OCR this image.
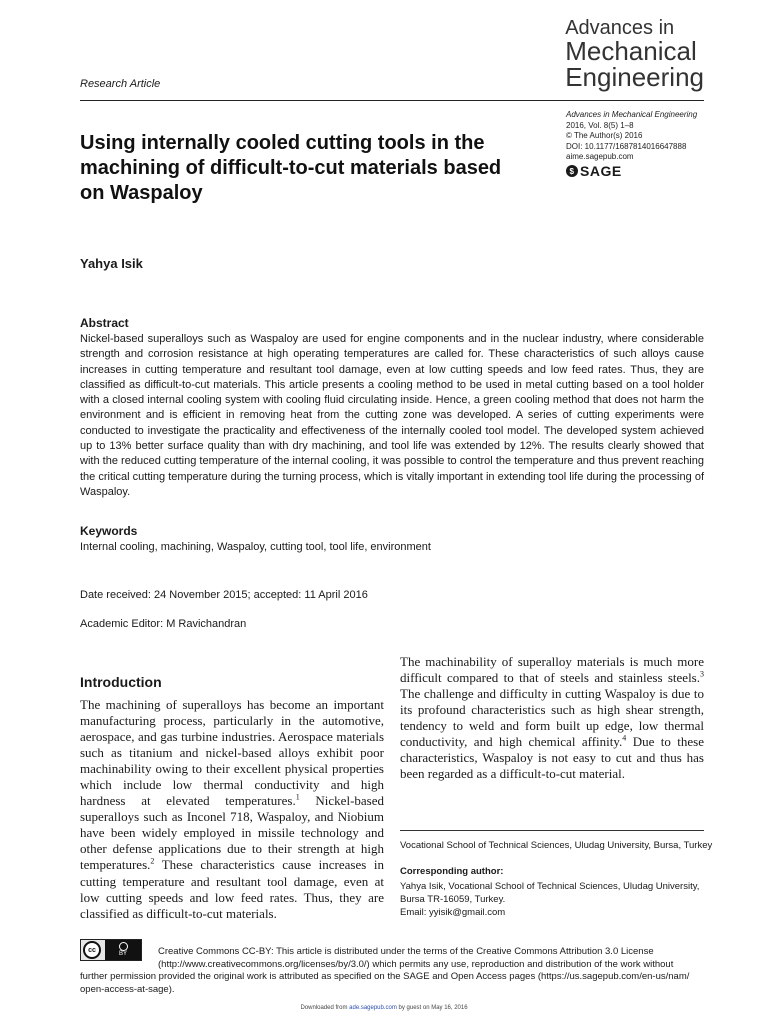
Advances in
Mechanical
Engineering
Research Article
Advances in Mechanical Engineering
2016, Vol. 8(5) 1–8
© The Author(s) 2016
DOI: 10.1177/1687814016647888
aime.sagepub.com
$ SAGE
Using internally cooled cutting tools in the machining of difficult-to-cut materials based on Waspaloy
Yahya Isik
Abstract
Nickel-based superalloys such as Waspaloy are used for engine components and in the nuclear industry, where considerable strength and corrosion resistance at high operating temperatures are called for. These characteristics of such alloys cause increases in cutting temperature and resultant tool damage, even at low cutting speeds and low feed rates. Thus, they are classified as difficult-to-cut materials. This article presents a cooling method to be used in metal cutting based on a tool holder with a closed internal cooling system with cooling fluid circulating inside. Hence, a green cooling method that does not harm the environment and is efficient in removing heat from the cutting zone was developed. A series of cutting experiments were conducted to investigate the practicality and effectiveness of the internally cooled tool model. The developed system achieved up to 13% better surface quality than with dry machining, and tool life was extended by 12%. The results clearly showed that with the reduced cutting temperature of the internal cooling, it was possible to control the temperature and thus prevent reaching the critical cutting temperature during the turning process, which is vitally important in extending tool life during the processing of Waspaloy.
Keywords
Internal cooling, machining, Waspaloy, cutting tool, tool life, environment
Date received: 24 November 2015; accepted: 11 April 2016
Academic Editor: M Ravichandran
Introduction
The machining of superalloys has become an important manufacturing process, particularly in the automotive, aerospace, and gas turbine industries. Aerospace materials such as titanium and nickel-based alloys exhibit poor machinability owing to their excellent physical properties which include low thermal conductivity and high hardness at elevated temperatures.$^1$ Nickel-based superalloys such as Inconel 718, Waspaloy, and Niobium have been widely employed in missile technology and other defense applications due to their strength at high temperatures.$^2$ These characteristics cause increases in cutting temperature and resultant tool damage, even at low cutting speeds and low feed rates. Thus, they are classified as difficult-to-cut materials.
The machinability of superalloy materials is much more difficult compared to that of steels and stainless steels.$^3$ The challenge and difficulty in cutting Waspaloy is due to its profound characteristics such as high shear strength, tendency to weld and form built up edge, low thermal conductivity, and high chemical affinity.$^4$ Due to these characteristics, Waspaloy is not easy to cut and thus has been regarded as a difficult-to-cut material.
Vocational School of Technical Sciences, Uludag University, Bursa, Turkey
Corresponding author:
Yahya Isik, Vocational School of Technical Sciences, Uludag University,
Bursa TR-16059, Turkey.
Email: yyisik@gmail.com
cc
BY	Creative Commons CC-BY: This article is distributed under the terms of the Creative Commons Attribution 3.0 License
(http://www.creativecommons.org/licenses/by/3.0/) which permits any use, reproduction and distribution of the work without
further permission provided the original work is attributed as specified on the SAGE and Open Access pages (https://us.sagepub.com/en-us/nam/
open-access-at-sage).
Downloaded from ade.sagepub.com by guest on May 16, 2016
